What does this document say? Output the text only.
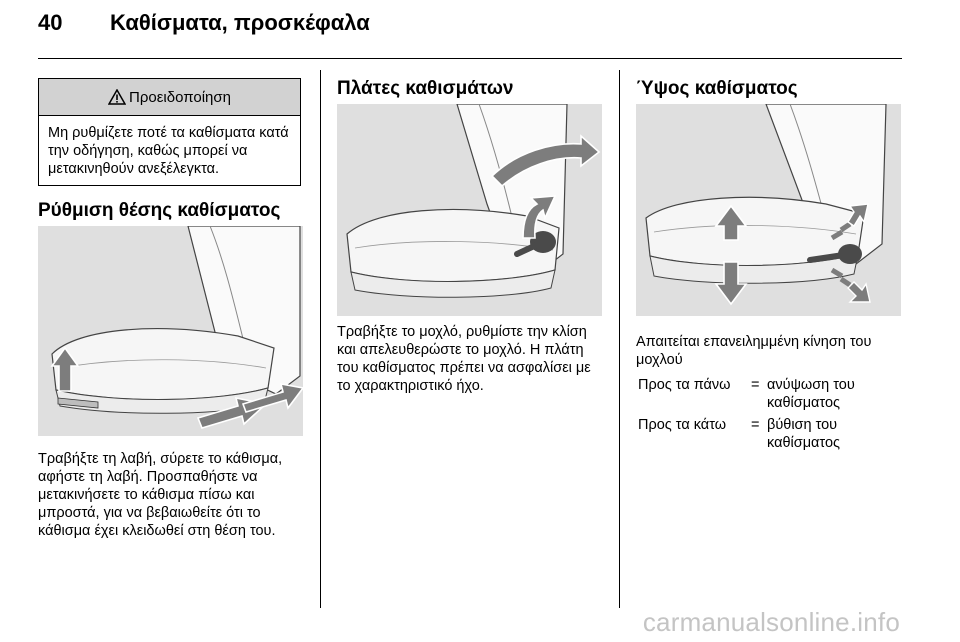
40 Καθίσματα, προσκέφαλα
Προειδοποίηση
Μη ρυθμίζετε ποτέ τα καθίσματα κατά την οδήγηση, καθώς μπορεί να μετακινηθούν ανεξέλεγκτα.
Ρύθμιση θέσης καθίσματος

Τραβήξτε τη λαβή, σύρετε το κάθισμα, αφήστε τη λαβή. Προσπαθήστε να μετακινήσετε το κάθισμα πίσω και μπροστά, για να βεβαιωθείτε ότι το κάθισμα έχει κλειδωθεί στη θέση του.

Πλάτες καθισμάτων

Τραβήξτε το μοχλό, ρυθμίστε την κλίση και απελευθερώστε το μοχλό. Η πλάτη του καθίσματος πρέπει να ασφαλίσει με το χαρακτηριστικό ήχο.

Ύψος καθίσματος

Απαιτείται επανειλημμένη κίνηση του μοχλού

Προς τα πάνω	= ανύψωση του καθίσματος
Προς τα κάτω	= βύθιση του καθίσματος
carmanualsonline.info
